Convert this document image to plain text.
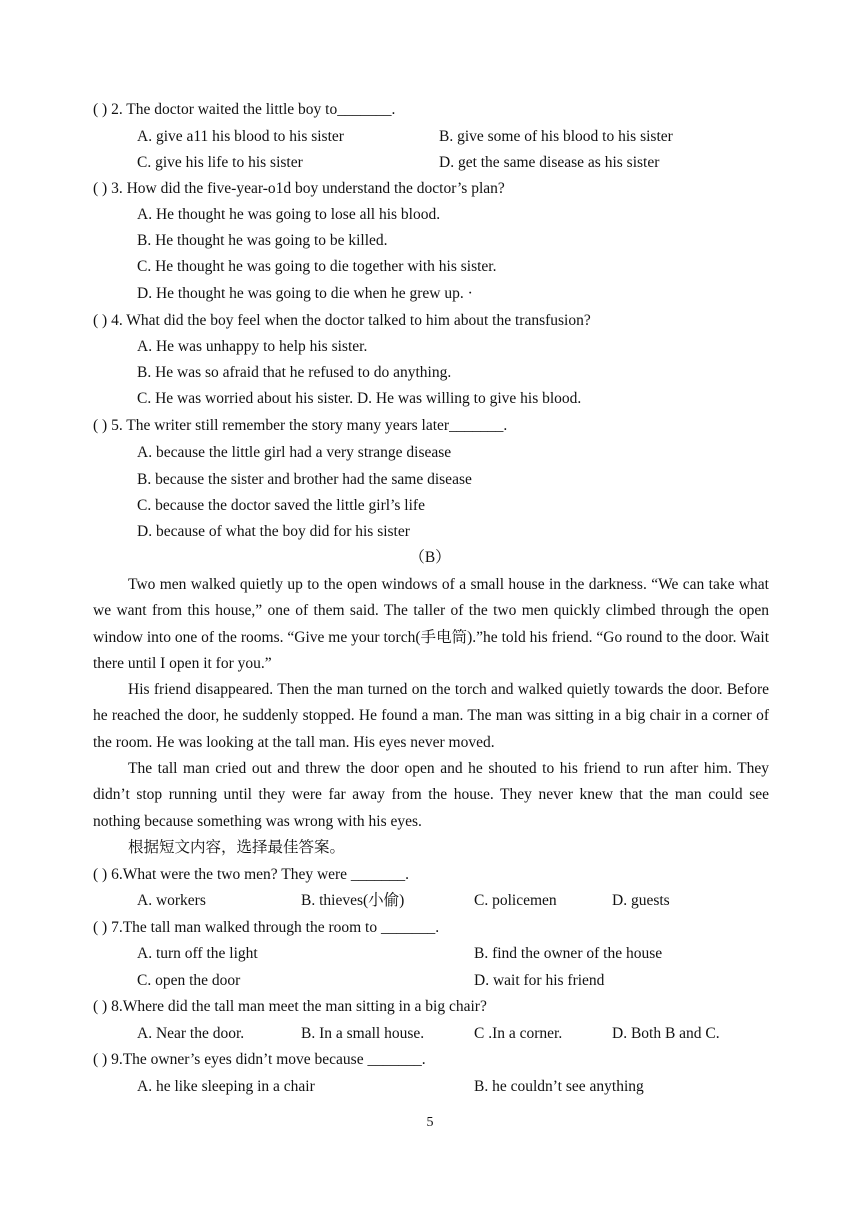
( ) 2. The doctor waited the little boy to_______.
A. give a11 his blood to his sister	B. give some of his blood to his sister
C. give his life to his sister	D. get the same disease as his sister
( ) 3. How did the five-year-o1d boy understand the doctor’s plan?
A. He thought he was going to lose all his blood.
B. He thought he was going to be killed.
C. He thought he was going to die together with his sister.
D. He thought he was going to die when he grew up. ·
( ) 4. What did the boy feel when the doctor talked to him about the transfusion?
A. He was unhappy to help his sister.
B. He was so afraid that he refused to do anything.
C. He was worried about his sister. D. He was willing to give his blood.
( ) 5. The writer still remember the story many years later_______.
A. because the little girl had a very strange disease
B. because the sister and brother had the same disease
C. because the doctor saved the little girl’s life
D. because of what the boy did for his sister
（B）
Two men walked quietly up to the open windows of a small house in the darkness. “We can take what we want from this house,” one of them said. The taller of the two men quickly climbed through the open window into one of the rooms. “Give me your torch(手电筒).”he told his friend. “Go round to the door. Wait there until I open it for you.”
His friend disappeared. Then the man turned on the torch and walked quietly towards the door. Before he reached the door, he suddenly stopped. He found a man. The man was sitting in a big chair in a corner of the room. He was looking at the tall man. His eyes never moved.
The tall man cried out and threw the door open and he shouted to his friend to run after him. They didn’t stop running until they were far away from the house. They never knew that the man could see nothing because something was wrong with his eyes.
根据短文内容，选择最佳答案。
( ) 6.What were the two men? They were _______.
A. workers	B. thieves(小偷)	C. policemen	D. guests
( ) 7.The tall man walked through the room to _______.
A. turn off the light	B. find the owner of the house
C. open the door	D. wait for his friend
( ) 8.Where did the tall man meet the man sitting in a big chair?
A. Near the door.	B. In a small house.	C .In a corner.	D. Both B and C.
( ) 9.The owner’s eyes didn’t move because _______.
A. he like sleeping in a chair	B. he couldn’t see anything
5
